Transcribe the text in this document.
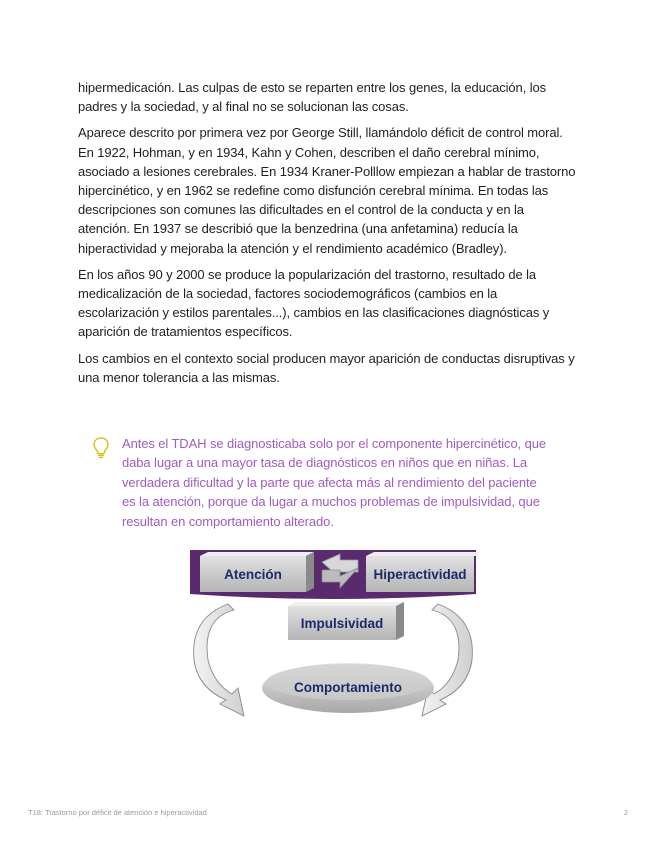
hipermedicación. Las culpas de esto se reparten entre los genes, la educación, los padres y la sociedad, y al final no se solucionan las cosas.

Aparece descrito por primera vez por George Still, llamándolo déficit de control moral. En 1922, Hohman, y en 1934, Kahn y Cohen, describen el daño cerebral mínimo, asociado a lesiones cerebrales. En 1934 Kraner-Polllow empiezan a hablar de trastorno hipercinético, y en 1962 se redefine como disfunción cerebral mínima. En todas las descripciones son comunes las dificultades en el control de la conducta y en la atención. En 1937 se describió que la benzedrina (una anfetamina) reducía la hiperactividad y mejoraba la atención y el rendimiento académico (Bradley).

En los años 90 y 2000 se produce la popularización del trastorno, resultado de la medicalización de la sociedad, factores sociodemográficos (cambios en la escolarización y estilos parentales...), cambios en las clasificaciones diagnósticas y aparición de tratamientos específicos.

Los cambios en el contexto social producen mayor aparición de conductas disruptivas y una menor tolerancia a las mismas.

Antes el TDAH se diagnosticaba solo por el componente hipercinético, que daba lugar a una mayor tasa de diagnósticos en niños que en niñas. La verdadera dificultad y la parte que afecta más al rendimiento del paciente es la atención, porque da lugar a muchos problemas de impulsividad, que resultan en comportamiento alterado.
Atención	Hiperactividad
Impulsividad
Comportamiento
T18: Trastorno por déficit de atención e hiperactividad	2
